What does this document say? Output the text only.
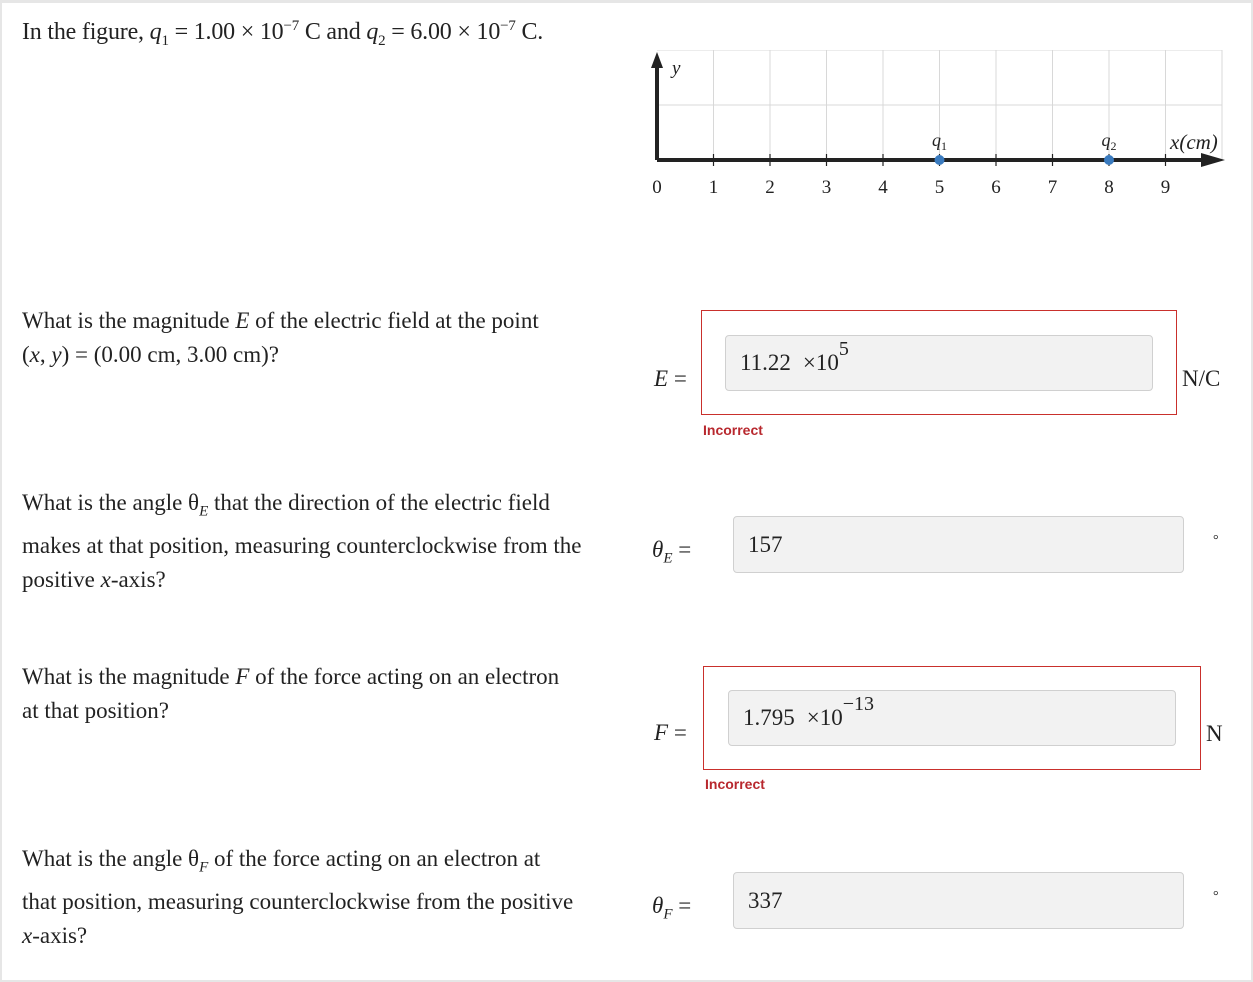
In the figure, $q_1 = 1.00 \times 10^{-7}$ C and $q_2 = 6.00 \times 10^{-7}$ C.
y
x(cm)
0 1 2 3 4 5 6 7 8 9
$q_1$	$q_2$
What is the magnitude E of the electric field at the point
(x, y) = (0.00 cm, 3.00 cm)?
E =
11.22 ×10
5
N/C
Incorrect
What is the angle $\theta_E$ that the direction of the electric field
makes at that position, measuring counterclockwise from the
positive x-axis?
$\theta_E = 157$	°
What is the magnitude F of the force acting on an electron
at that position?
F =
1.795 ×10
−13
N
Incorrect
What is the angle $\theta_F$ of the force acting on an electron at
that position, measuring counterclockwise from the positive
x-axis?
$\theta_F = 337$	°
